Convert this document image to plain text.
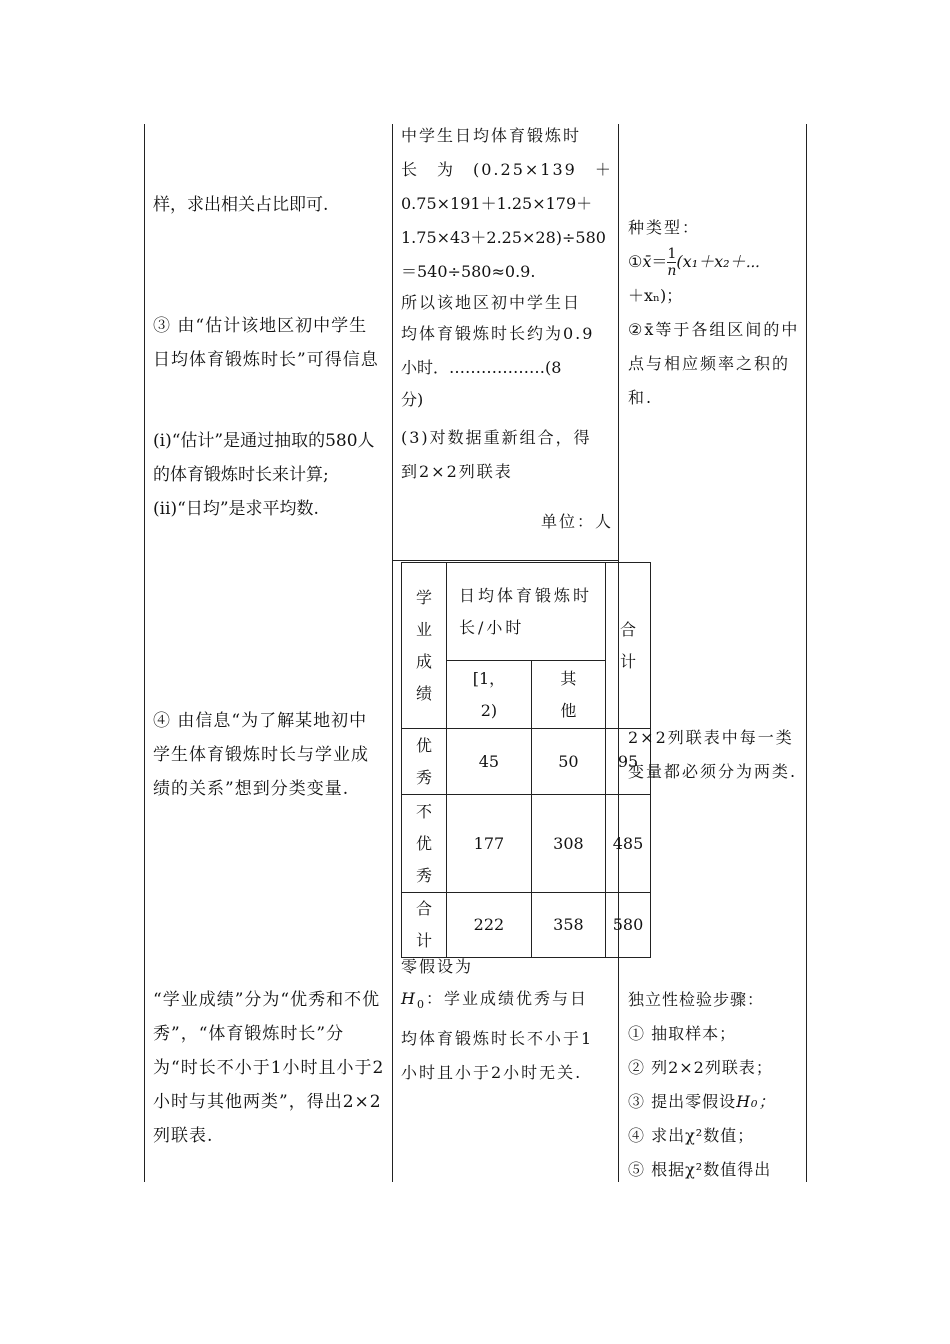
样，求出相关占比即可.

③ 由“估计该地区初中学生日均体育锻炼时长”可得信息

(ⅰ)“估计”是通过抽取的580人的体育锻炼时长来计算;

(ⅱ)“日均”是求平均数.

④ 由信息“为了解某地初中学生体育锻炼时长与学业成绩的关系”想到分类变量.

“学业成绩”分为“优秀和不优秀”，“体育锻炼时长”分为“时长不小于1小时且小于2小时与其他两类”，得出2×2列联表.

中学生日均体育锻炼时

长　为　(0.25×139　＋

0.75×191＋1.25×179＋

1.75×43＋2.25×28)÷580

＝540÷580≈0.9.

所以该地区初中学生日

均体育锻炼时长约为0.9

小时．………………(8

分)

(3)对数据重新组合，得

到2×2列联表

单位：人

学业成绩	日均体育锻炼时长/小时		合计

	[1，2)	其他	

优秀	45	50	95

不优秀	177	308	485

合计	222	358	580

零假设为

$H_0$：学业成绩优秀与日

均体育锻炼时长不小于1

小时且小于2小时无关.

种类型：

①x̄＝ $\frac{1}{n}$ (x₁＋x₂＋⋯

＋xₙ)；

②x̄等于各组区间的中点与相应频率之积的和.

2×2列联表中每一类变量都必须分为两类.

独立性检验步骤：

① 抽取样本；

② 列2×2列联表；

③ 提出零假设H₀；

④ 求出χ²数值；

⑤ 根据χ²数值得出
